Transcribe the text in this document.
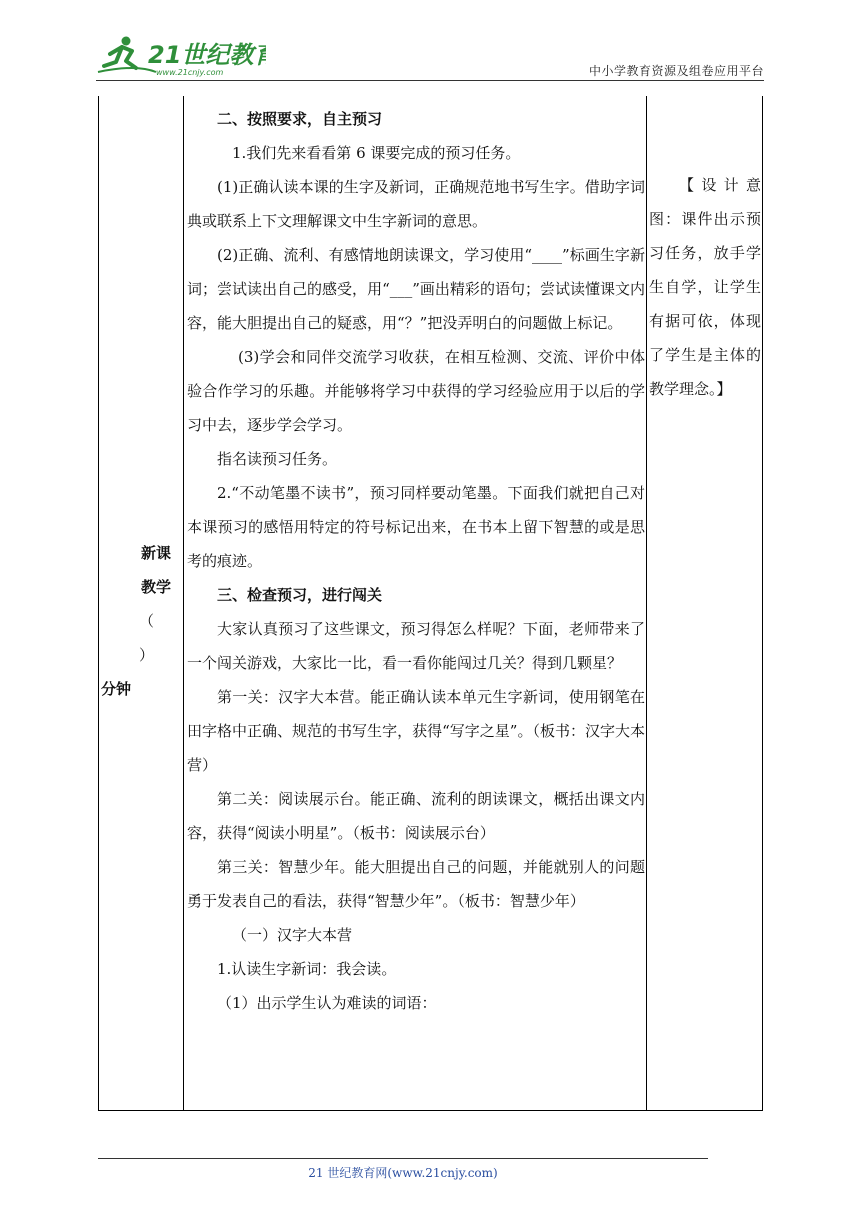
21世纪教育
www.21cnjy.com	中小学教育资源及组卷应用平台
新课
教学
（ ）
分钟

二、按照要求，自主预习

1.我们先来看看第 6 课要完成的预习任务。

(1)正确认读本课的生字及新词，正确规范地书写生字。借助字词典或联系上下文理解课文中生字新词的意思。

(2)正确、流利、有感情地朗读课文，学习使用“____”标画生字新词；尝试读出自己的感受，用“___”画出精彩的语句；尝试读懂课文内容，能大胆提出自己的疑惑，用“？”把没弄明白的问题做上标记。

(3)学会和同伴交流学习收获，在相互检测、交流、评价中体验合作学习的乐趣。并能够将学习中获得的学习经验应用于以后的学习中去，逐步学会学习。

指名读预习任务。

2.“不动笔墨不读书”，预习同样要动笔墨。下面我们就把自己对本课预习的感悟用特定的符号标记出来，在书本上留下智慧的或是思考的痕迹。

三、检查预习，进行闯关

大家认真预习了这些课文，预习得怎么样呢？下面，老师带来了一个闯关游戏，大家比一比，看一看你能闯过几关？得到几颗星？

第一关：汉字大本营。能正确认读本单元生字新词，使用钢笔在田字格中正确、规范的书写生字，获得“写字之星”。（板书：汉字大本营）

第二关：阅读展示台。能正确、流利的朗读课文，概括出课文内容，获得“阅读小明星”。（板书：阅读展示台）

第三关：智慧少年。能大胆提出自己的问题，并能就别人的问题勇于发表自己的看法，获得“智慧少年”。（板书：智慧少年）

（一）汉字大本营

1.认读生字新词：我会读。

（1）出示学生认为难读的词语：

【设计意图：课件出示预习任务，放手学生自学，让学生有据可依，体现了学生是主体的教学理念。】

21 世纪教育网(www.21cnjy.com)
